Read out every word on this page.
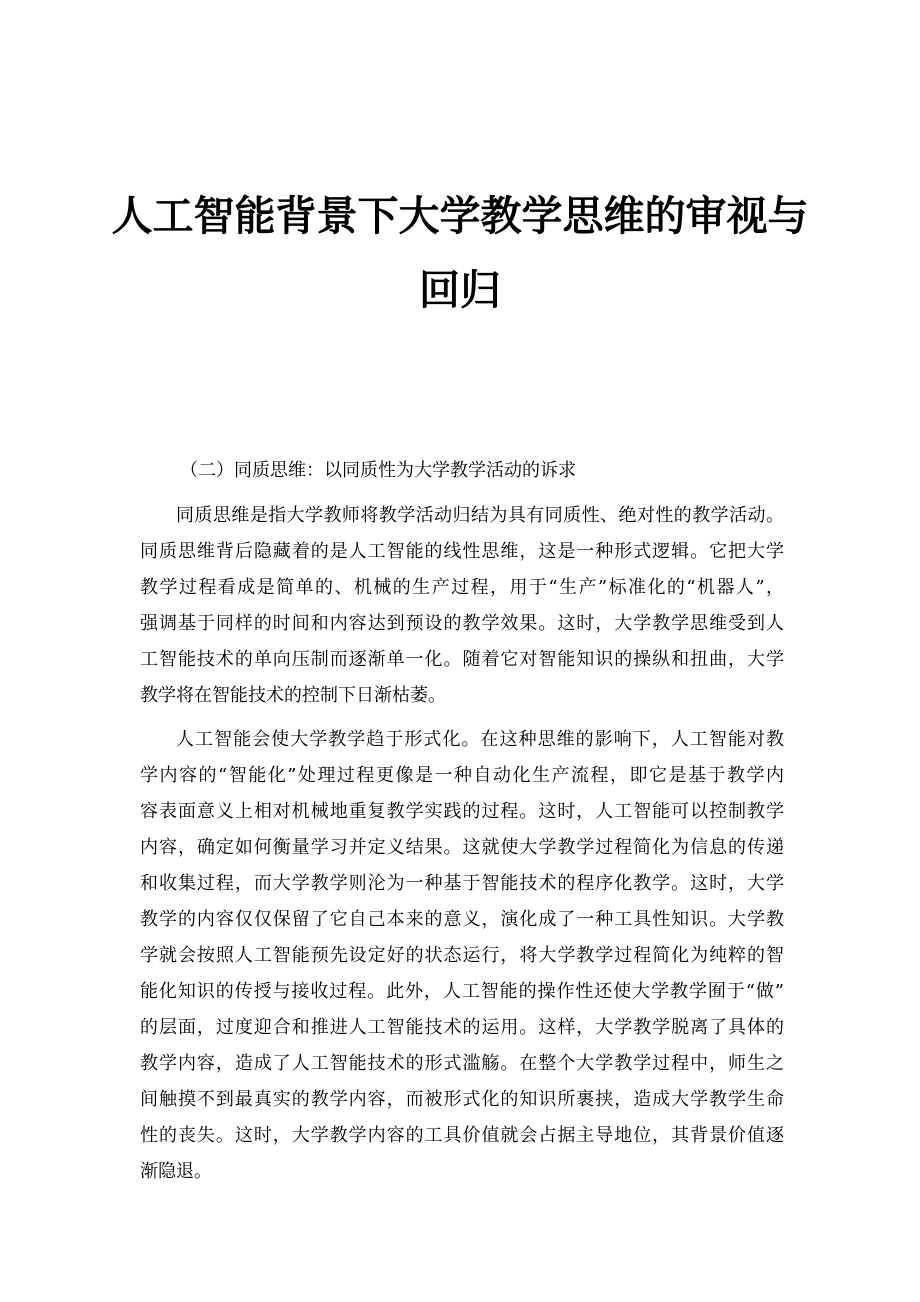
人工智能背景下大学教学思维的审视与
回归

（二）同质思维：以同质性为大学教学活动的诉求

同质思维是指大学教师将教学活动归结为具有同质性、绝对性的教学活动。
同质思维背后隐藏着的是人工智能的线性思维，这是一种形式逻辑。它把大学
教学过程看成是简单的、机械的生产过程，用于“生产”标准化的“机器人”，
强调基于同样的时间和内容达到预设的教学效果。这时，大学教学思维受到人
工智能技术的单向压制而逐渐单一化。随着它对智能知识的操纵和扭曲，大学
教学将在智能技术的控制下日渐枯萎。
人工智能会使大学教学趋于形式化。在这种思维的影响下，人工智能对教
学内容的“智能化”处理过程更像是一种自动化生产流程，即它是基于教学内
容表面意义上相对机械地重复教学实践的过程。这时，人工智能可以控制教学
内容，确定如何衡量学习并定义结果。这就使大学教学过程简化为信息的传递
和收集过程，而大学教学则沦为一种基于智能技术的程序化教学。这时，大学
教学的内容仅仅保留了它自己本来的意义，演化成了一种工具性知识。大学教
学就会按照人工智能预先设定好的状态运行，将大学教学过程简化为纯粹的智
能化知识的传授与接收过程。此外，人工智能的操作性还使大学教学囿于“做”
的层面，过度迎合和推进人工智能技术的运用。这样，大学教学脱离了具体的
教学内容，造成了人工智能技术的形式滥觞。在整个大学教学过程中，师生之
间触摸不到最真实的教学内容，而被形式化的知识所裹挟，造成大学教学生命
性的丧失。这时，大学教学内容的工具价值就会占据主导地位，其背景价值逐
渐隐退。
